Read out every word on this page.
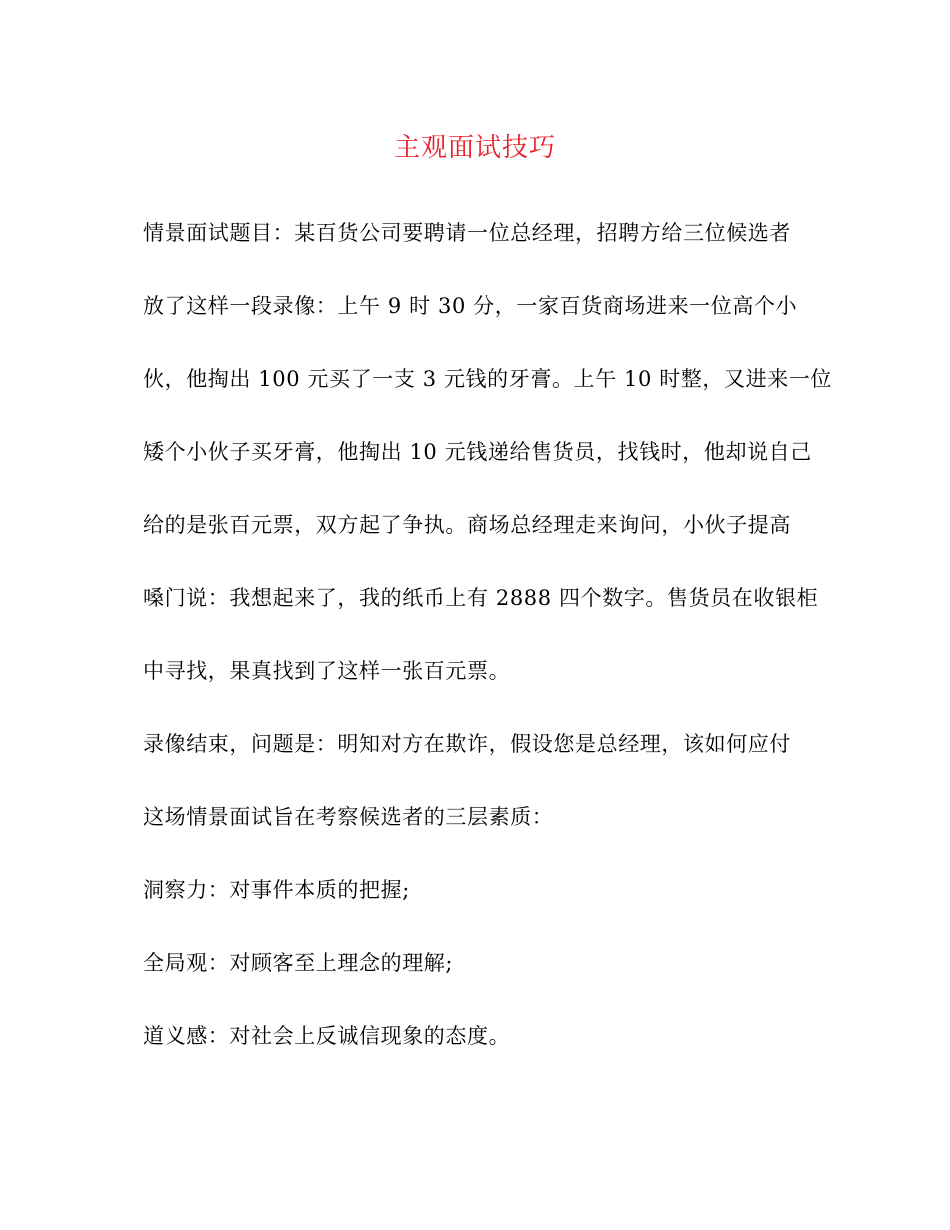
主观面试技巧
情景面试题目：某百货公司要聘请一位总经理，招聘方给三位候选者
放了这样一段录像：上午 9 时 30 分，一家百货商场进来一位高个小
伙，他掏出 100 元买了一支 3 元钱的牙膏。上午 10 时整，又进来一位
矮个小伙子买牙膏，他掏出 10 元钱递给售货员，找钱时，他却说自己
给的是张百元票，双方起了争执。商场总经理走来询问，小伙子提高
嗓门说：我想起来了，我的纸币上有 2888 四个数字。售货员在收银柜
中寻找，果真找到了这样一张百元票。
录像结束，问题是：明知对方在欺诈，假设您是总经理，该如何应付
这场情景面试旨在考察候选者的三层素质：
洞察力：对事件本质的把握;
全局观：对顾客至上理念的理解;
道义感：对社会上反诚信现象的态度。
